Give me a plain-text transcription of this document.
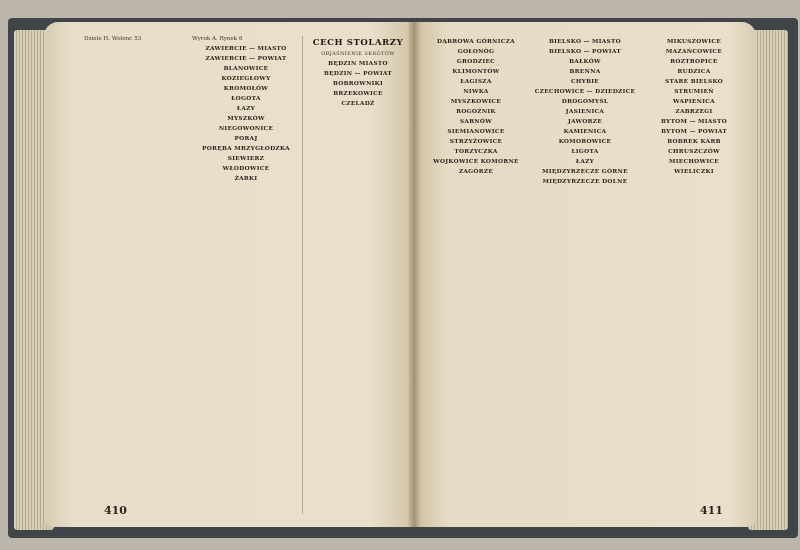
Dziele H. Wolenc 53	Wyrok A. Rynek 6
ZAWIERCIE — MIASTO
ZAWIERCIE — POWIAT
BLANOWICE
KOZIEGŁOWY
KROMOŁÓW
ŁOGOTA
ŁAZY
MYSZKÓW
NIEGOWONICE
PORAJ
PORĘBA MRZYGŁODZKA
SIEWIERZ
WŁODOWICE
ŻARKI
CECH STOLARZY
OBJAŚNIENIE SKRÓTÓW
BĘDZIN MIASTO
BĘDZIN — POWIAT
BOBROWNIKI
BRZEKOWICE
CZELADŹ
410
DĄBROWA GÓRNICZA
GOŁONÓG
GRODZIEC
KLIMONTÓW
ŁAGISZA
NIWKA
MYSZKOWICE
ROGOŹNIK
SARNÓW
SIEMIANOWICE
STRZYŻOWICE
TORZYCZKA
WOJKOWICE KOMORNE
ZAGÓRZE
BIELSKO — MIASTO
BIELSKO — POWIAT
BAŁKÓW
BRENNA
CHYBIE
CZECHOWICE — DZIEDZICE
DROGOMYŚL
JASIENICA
JAWORZE
KAMIENICA
KOMOROWICE
LIGOTA
ŁAZY
MIĘDZYRZECZE GÓRNE
MIĘDZYRZECZE DOLNE
MIKUSZOWICE
MAZAŃCOWICE
ROZTROPICE
RUDZICA
STARE BIELSKO
STRUMIEŃ
WAPIENICA
ZABRZEGI
BYTOM — MIASTO
BYTOM — POWIAT
BOBREK KARB
CHRUSZCZÓW
MIECHOWICE
WIELICZKI
411
